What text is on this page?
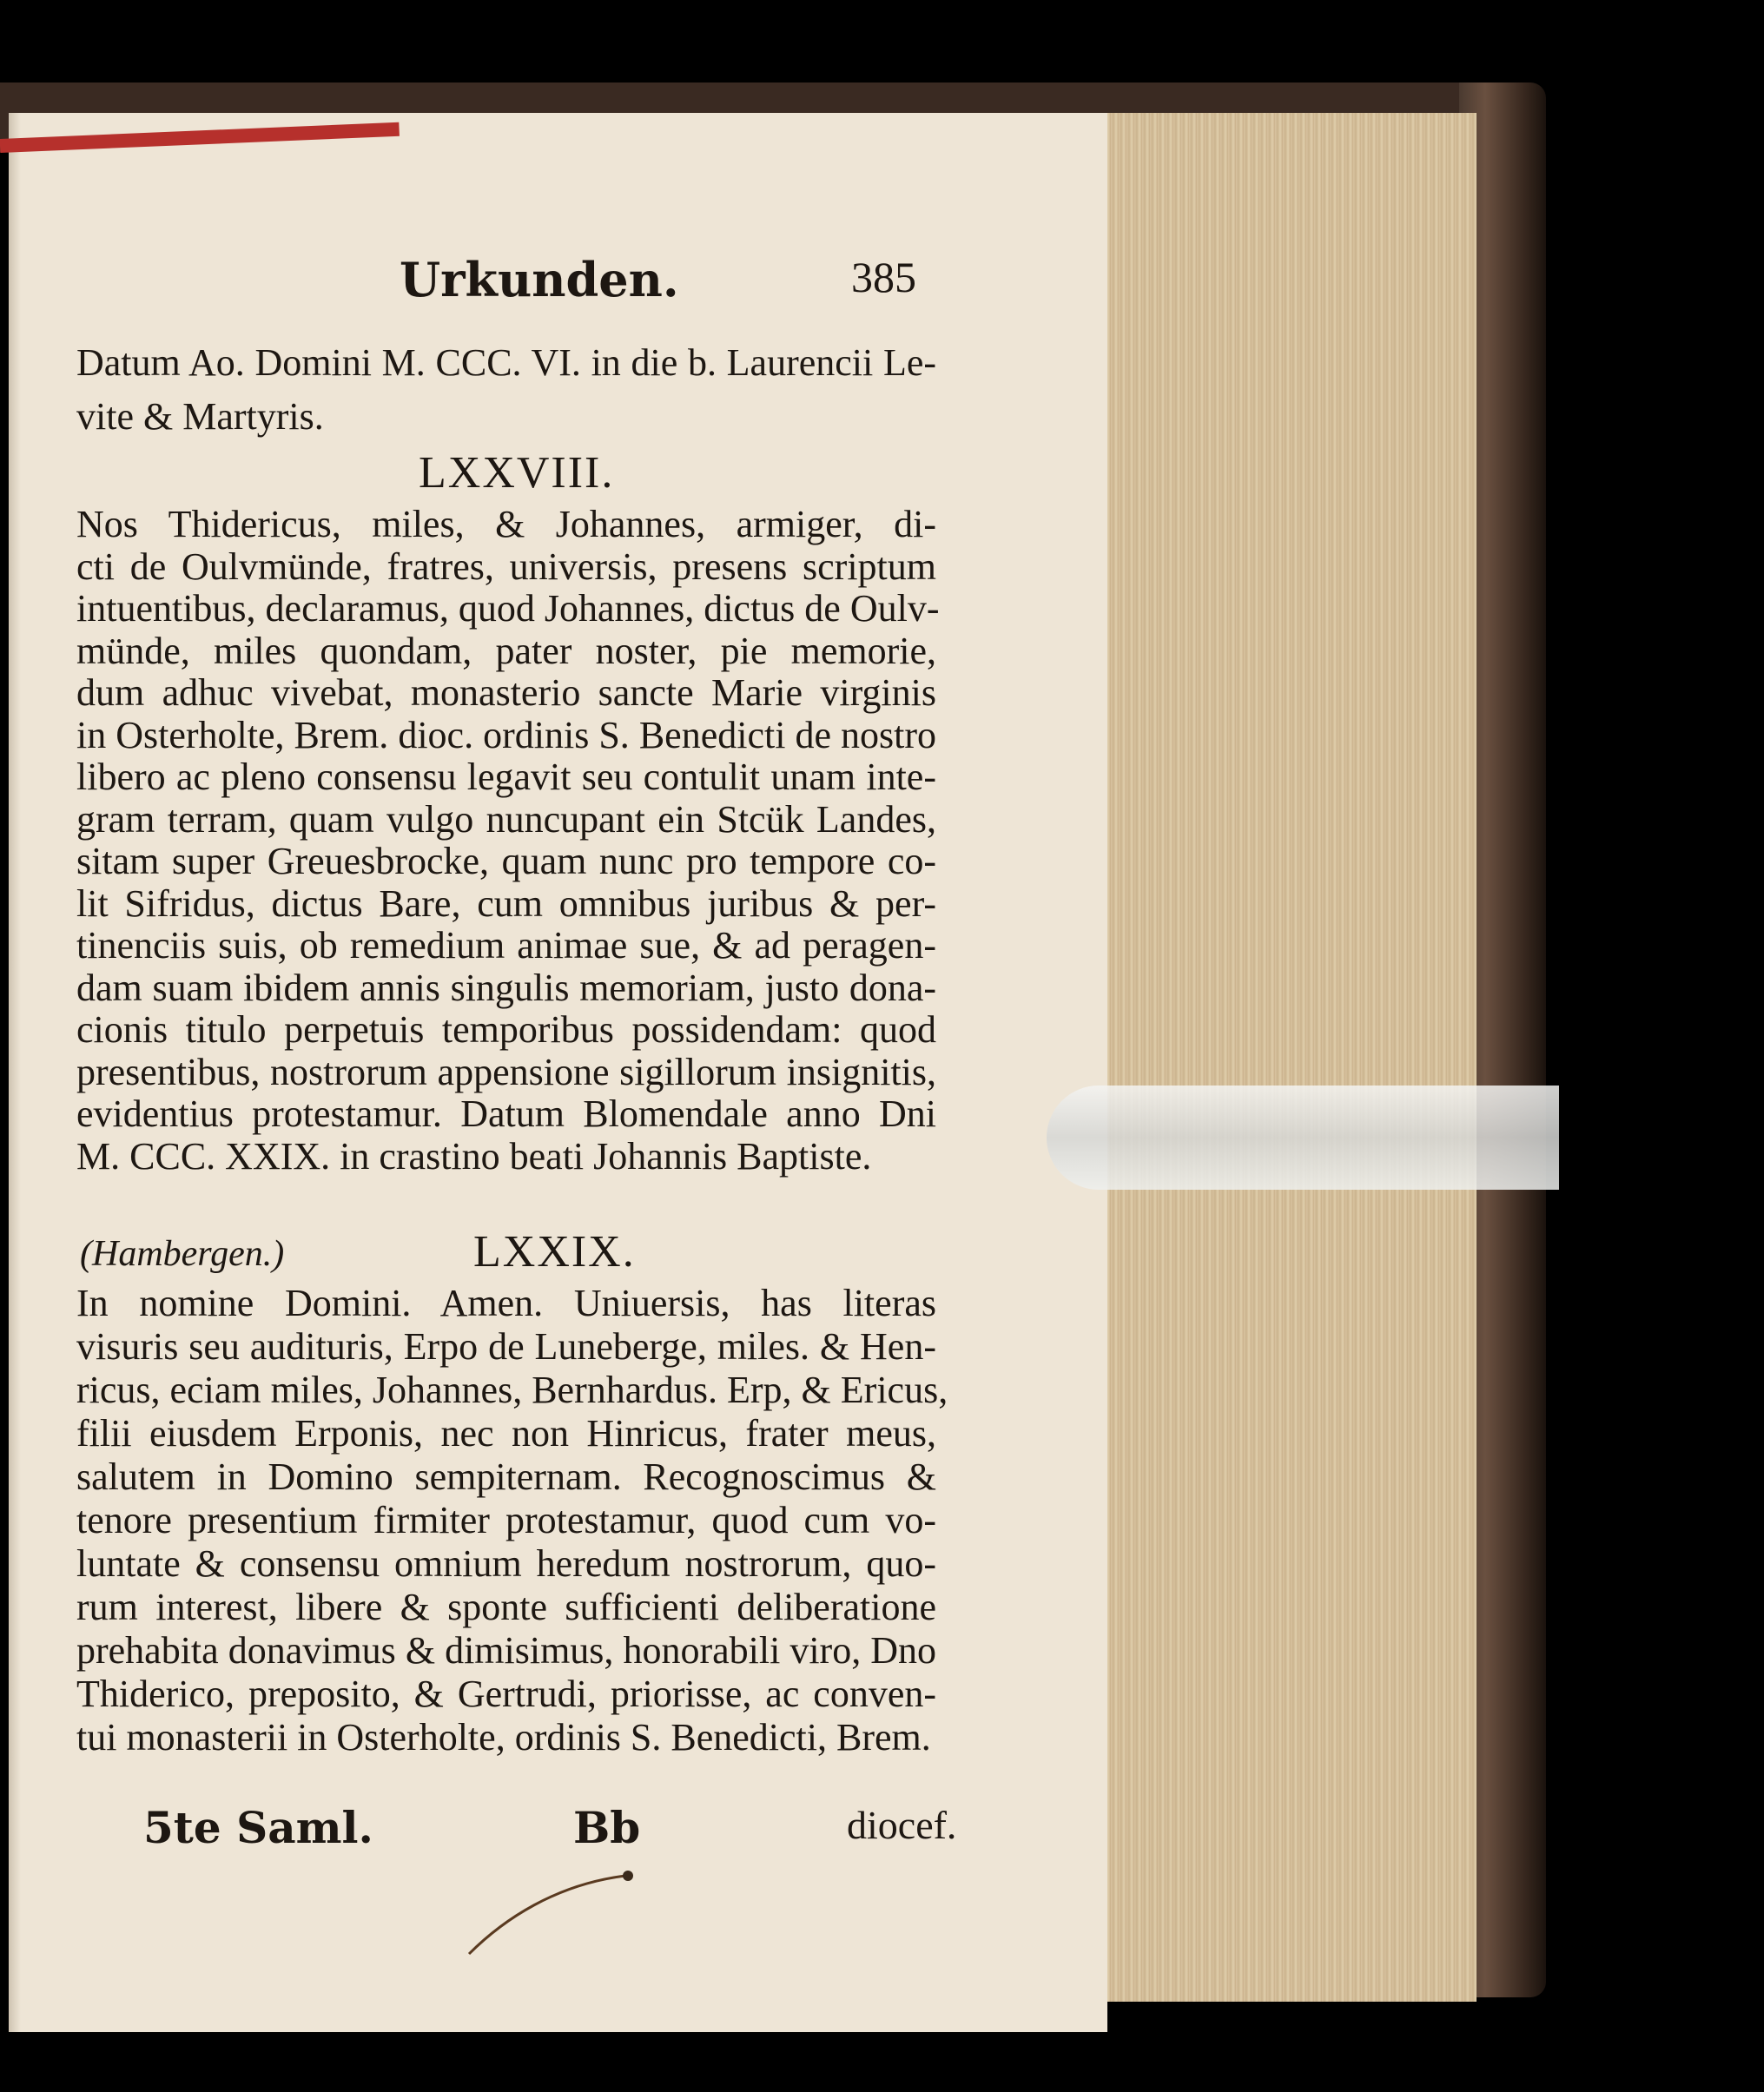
Urkunden.	385
Datum Ao. Domini M. CCC. VI. in die b. Laurencii Le-
vite & Martyris.
LXXVIII.
Nos Thidericus, miles, & Johannes, armiger, di-
cti de Oulvmünde, fratres, universis, presens scriptum
intuentibus, declaramus, quod Johannes, dictus de Oulv-
münde, miles quondam, pater noster, pie memorie,
dum adhuc vivebat, monasterio sancte Marie virginis
in Osterholte, Brem. dioc. ordinis S. Benedicti de nostro
libero ac pleno consensu legavit seu contulit unam inte-
gram terram, quam vulgo nuncupant ein Stcük Landes,
sitam super Greuesbrocke, quam nunc pro tempore co-
lit Sifridus, dictus Bare, cum omnibus juribus & per-
tinenciis suis, ob remedium animae sue, & ad peragen-
dam suam ibidem annis singulis memoriam, justo dona-
cionis titulo perpetuis temporibus possidendam: quod
presentibus, nostrorum appensione sigillorum insignitis,
evidentius protestamur. Datum Blomendale anno Dni
M. CCC. XXIX. in crastino beati Johannis Baptiste.
(Hambergen.)	LXXIX.
In nomine Domini. Amen. Uniuersis, has literas
visuris seu audituris, Erpo de Luneberge, miles. & Hen-
ricus, eciam miles, Johannes, Bernhardus. Erp, & Ericus,
filii eiusdem Erponis, nec non Hinricus, frater meus,
salutem in Domino sempiternam. Recognoscimus &
tenore presentium firmiter protestamur, quod cum vo-
luntate & consensu omnium heredum nostrorum, quo-
rum interest, libere & sponte sufficienti deliberatione
prehabita donavimus & dimisimus, honorabili viro, Dno
Thiderico, preposito, & Gertrudi, priorisse, ac conven-
tui monasterii in Osterholte, ordinis S. Benedicti, Brem.
5te Saml.	Bb	diocef.
